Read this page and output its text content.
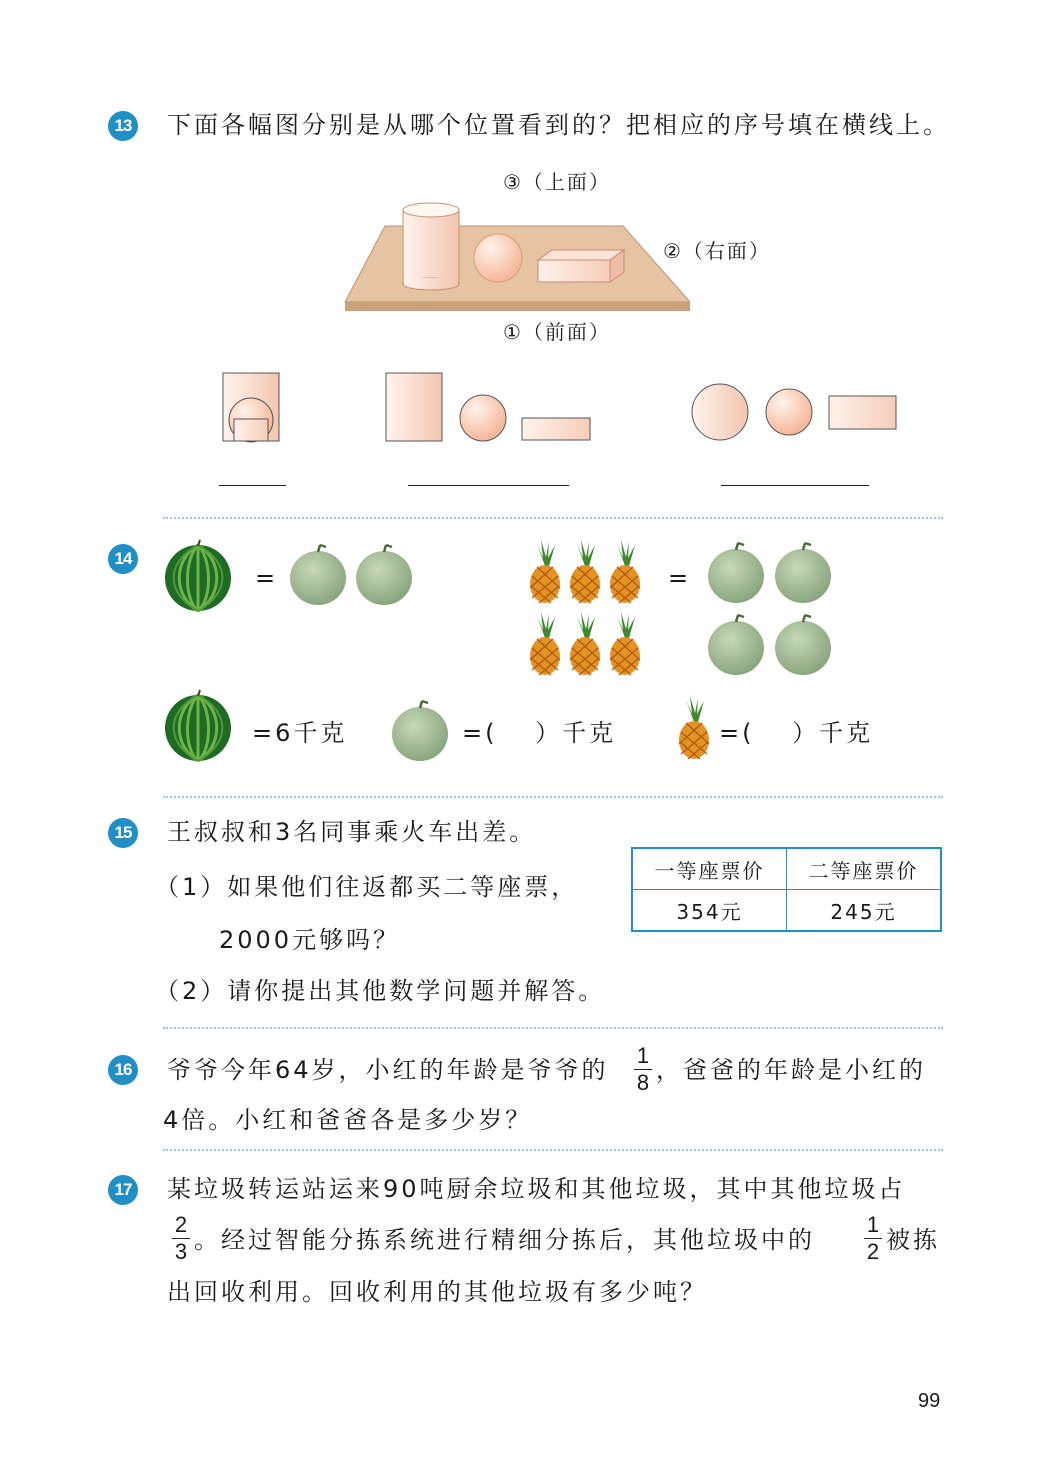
13 下面各幅图分别是从哪个位置看到的？把相应的序号填在横线上。
③（上面）
②（右面）
①（前面）
14
=	=
=6千克	=(　 ）千克	=(　 ）千克
15 王叔叔和3名同事乘火车出差。
（1）如果他们往返都买二等座票，
2000元够吗？
（2）请你提出其他数学问题并解答。
一等座票价	二等座票价
354元	245元
16 爷爷今年64岁，小红的年龄是爷爷的
1
8 ，爸爸的年龄是小红的
4倍。小红和爸爸各是多少岁？
17 某垃圾转运站运来90吨厨余垃圾和其他垃圾，其中其他垃圾占
2
3 。经过智能分拣系统进行精细分拣后，其他垃圾中的
1
2 被拣
出回收利用。回收利用的其他垃圾有多少吨？
99
